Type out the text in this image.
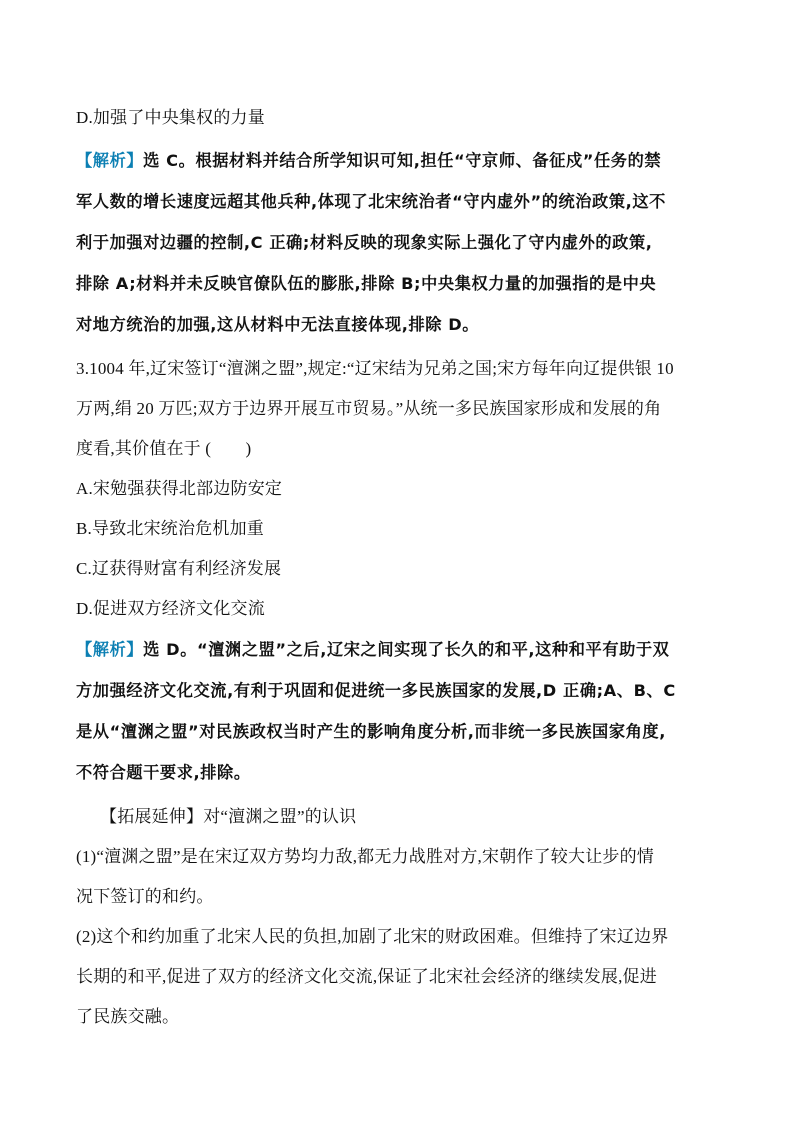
D.加强了中央集权的力量
【解析】选 C。根据材料并结合所学知识可知,担任“守京师、备征戍”任务的禁
军人数的增长速度远超其他兵种,体现了北宋统治者“守内虚外”的统治政策,这不
利于加强对边疆的控制,C 正确;材料反映的现象实际上强化了守内虚外的政策,
排除 A;材料并未反映官僚队伍的膨胀,排除 B;中央集权力量的加强指的是中央
对地方统治的加强,这从材料中无法直接体现,排除 D。
3.1004 年,辽宋签订“澶渊之盟”,规定:“辽宋结为兄弟之国;宋方每年向辽提供银 10
万两,绢 20 万匹;双方于边界开展互市贸易。”从统一多民族国家形成和发展的角
度看,其价值在于 (　　)
A.宋勉强获得北部边防安定
B.导致北宋统治危机加重
C.辽获得财富有利经济发展
D.促进双方经济文化交流
【解析】选 D。“澶渊之盟”之后,辽宋之间实现了长久的和平,这种和平有助于双
方加强经济文化交流,有利于巩固和促进统一多民族国家的发展,D 正确;A、B、C
是从“澶渊之盟”对民族政权当时产生的影响角度分析,而非统一多民族国家角度,
不符合题干要求,排除。
【拓展延伸】对“澶渊之盟”的认识
(1)“澶渊之盟”是在宋辽双方势均力敌,都无力战胜对方,宋朝作了较大让步的情
况下签订的和约。
(2)这个和约加重了北宋人民的负担,加剧了北宋的财政困难。但维持了宋辽边界
长期的和平,促进了双方的经济文化交流,保证了北宋社会经济的继续发展,促进
了民族交融。
